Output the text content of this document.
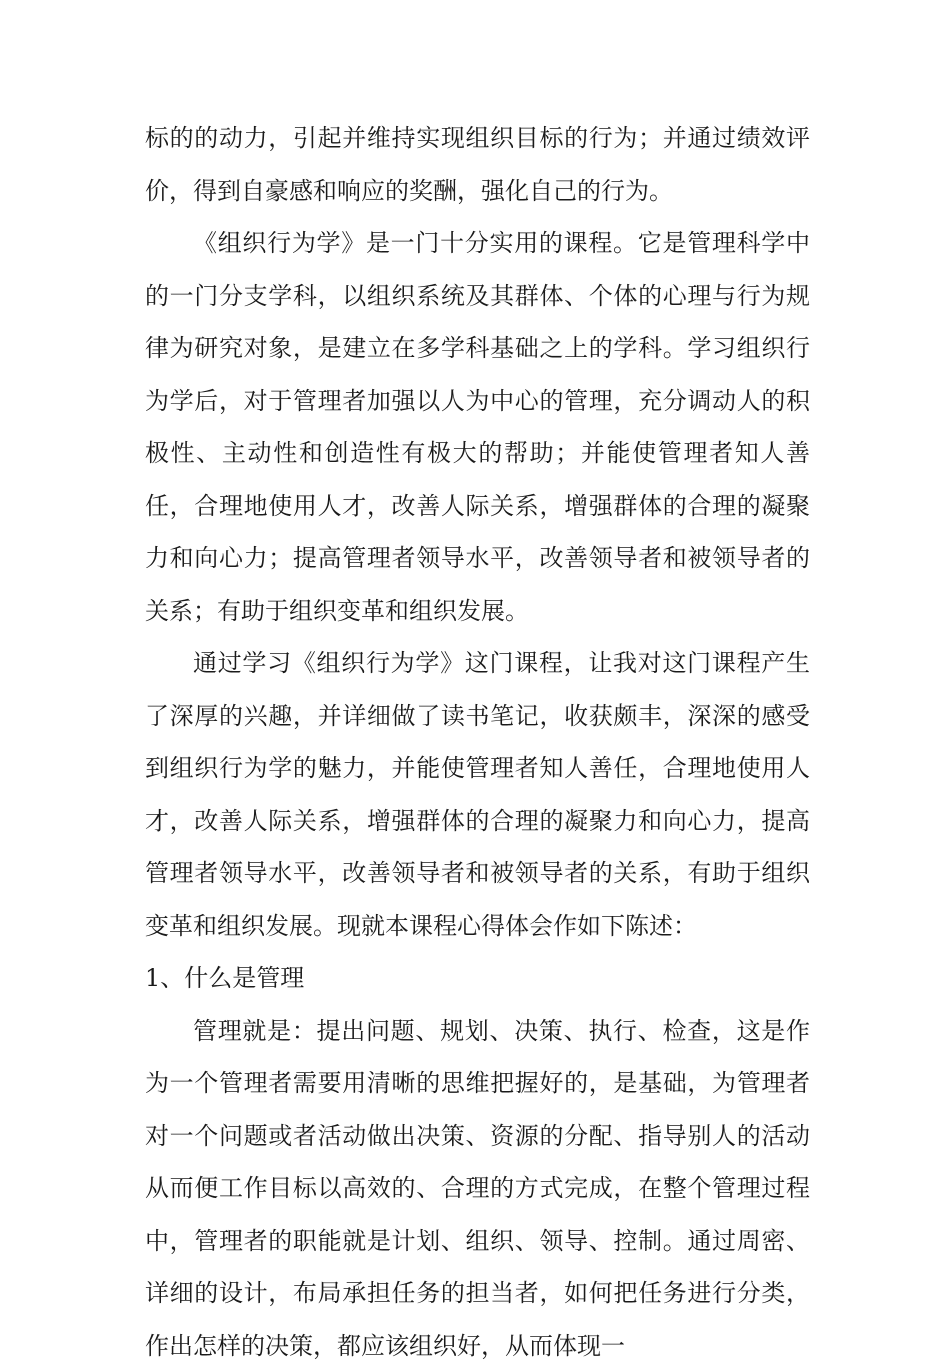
标的的动力，引起并维持实现组织目标的行为；并通过绩效评价，得到自豪感和响应的奖酬，强化自己的行为。

《组织行为学》是一门十分实用的课程。它是管理科学中的一门分支学科，以组织系统及其群体、个体的心理与行为规律为研究对象，是建立在多学科基础之上的学科。学习组织行为学后，对于管理者加强以人为中心的管理，充分调动人的积极性、主动性和创造性有极大的帮助；并能使管理者知人善任，合理地使用人才，改善人际关系，增强群体的合理的凝聚力和向心力；提高管理者领导水平，改善领导者和被领导者的关系；有助于组织变革和组织发展。

通过学习《组织行为学》这门课程，让我对这门课程产生了深厚的兴趣，并详细做了读书笔记，收获颇丰，深深的感受到组织行为学的魅力，并能使管理者知人善任，合理地使用人才，改善人际关系，增强群体的合理的凝聚力和向心力，提高管理者领导水平，改善领导者和被领导者的关系，有助于组织变革和组织发展。现就本课程心得体会作如下陈述：

1、什么是管理

管理就是：提出问题、规划、决策、执行、检查，这是作为一个管理者需要用清晰的思维把握好的，是基础，为管理者对一个问题或者活动做出决策、资源的分配、指导别人的活动从而便工作目标以高效的、合理的方式完成，在整个管理过程中，管理者的职能就是计划、组织、领导、控制。通过周密、详细的设计，布局承担任务的担当者，如何把任务进行分类，作出怎样的决策，都应该组织好，从而体现一
